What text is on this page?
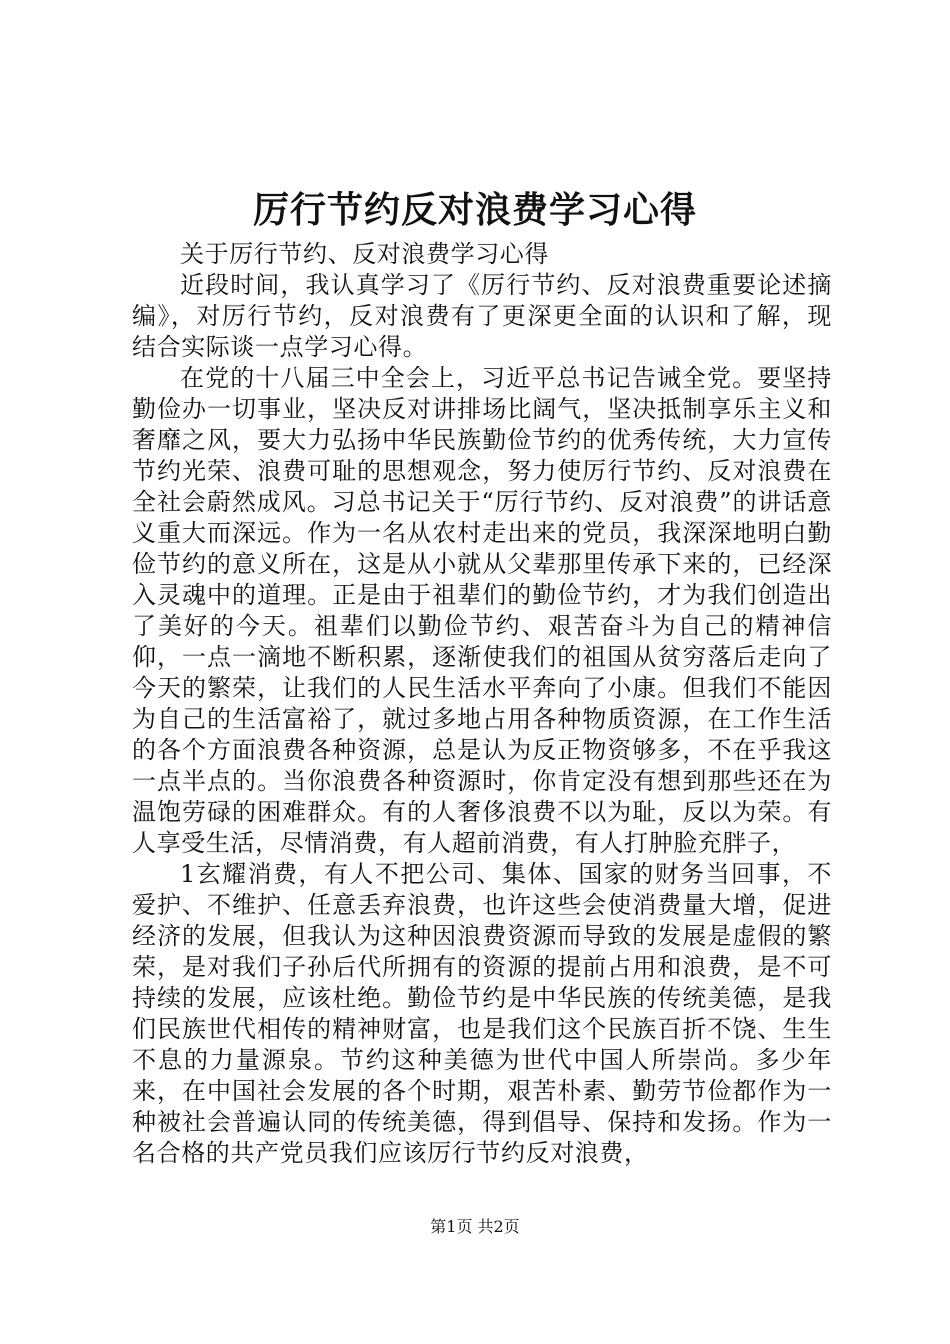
厉行节约反对浪费学习心得

关于厉行节约、反对浪费学习心得

近段时间，我认真学习了《厉行节约、反对浪费重要论述摘编》，对厉行节约，反对浪费有了更深更全面的认识和了解，现结合实际谈一点学习心得。

在党的十八届三中全会上，习近平总书记告诫全党。要坚持勤俭办一切事业，坚决反对讲排场比阔气，坚决抵制享乐主义和奢靡之风，要大力弘扬中华民族勤俭节约的优秀传统，大力宣传节约光荣、浪费可耻的思想观念，努力使厉行节约、反对浪费在全社会蔚然成风。习总书记关于“厉行节约、反对浪费”的讲话意义重大而深远。作为一名从农村走出来的党员，我深深地明白勤俭节约的意义所在，这是从小就从父辈那里传承下来的，已经深入灵魂中的道理。正是由于祖辈们的勤俭节约，才为我们创造出了美好的今天。祖辈们以勤俭节约、艰苦奋斗为自己的精神信仰，一点一滴地不断积累，逐渐使我们的祖国从贫穷落后走向了今天的繁荣，让我们的人民生活水平奔向了小康。但我们不能因为自己的生活富裕了，就过多地占用各种物质资源，在工作生活的各个方面浪费各种资源，总是认为反正物资够多，不在乎我这一点半点的。当你浪费各种资源时，你肯定没有想到那些还在为温饱劳碌的困难群众。有的人奢侈浪费不以为耻，反以为荣。有人享受生活，尽情消费，有人超前消费，有人打肿脸充胖子，

1玄耀消费，有人不把公司、集体、国家的财务当回事，不爱护、不维护、任意丢弃浪费，也许这些会使消费量大增，促进经济的发展，但我认为这种因浪费资源而导致的发展是虚假的繁荣，是对我们子孙后代所拥有的资源的提前占用和浪费，是不可持续的发展，应该杜绝。勤俭节约是中华民族的传统美德，是我们民族世代相传的精神财富，也是我们这个民族百折不饶、生生不息的力量源泉。节约这种美德为世代中国人所崇尚。多少年来，在中国社会发展的各个时期，艰苦朴素、勤劳节俭都作为一种被社会普遍认同的传统美德，得到倡导、保持和发扬。作为一名合格的共产党员我们应该厉行节约反对浪费，

第1页 共2页
